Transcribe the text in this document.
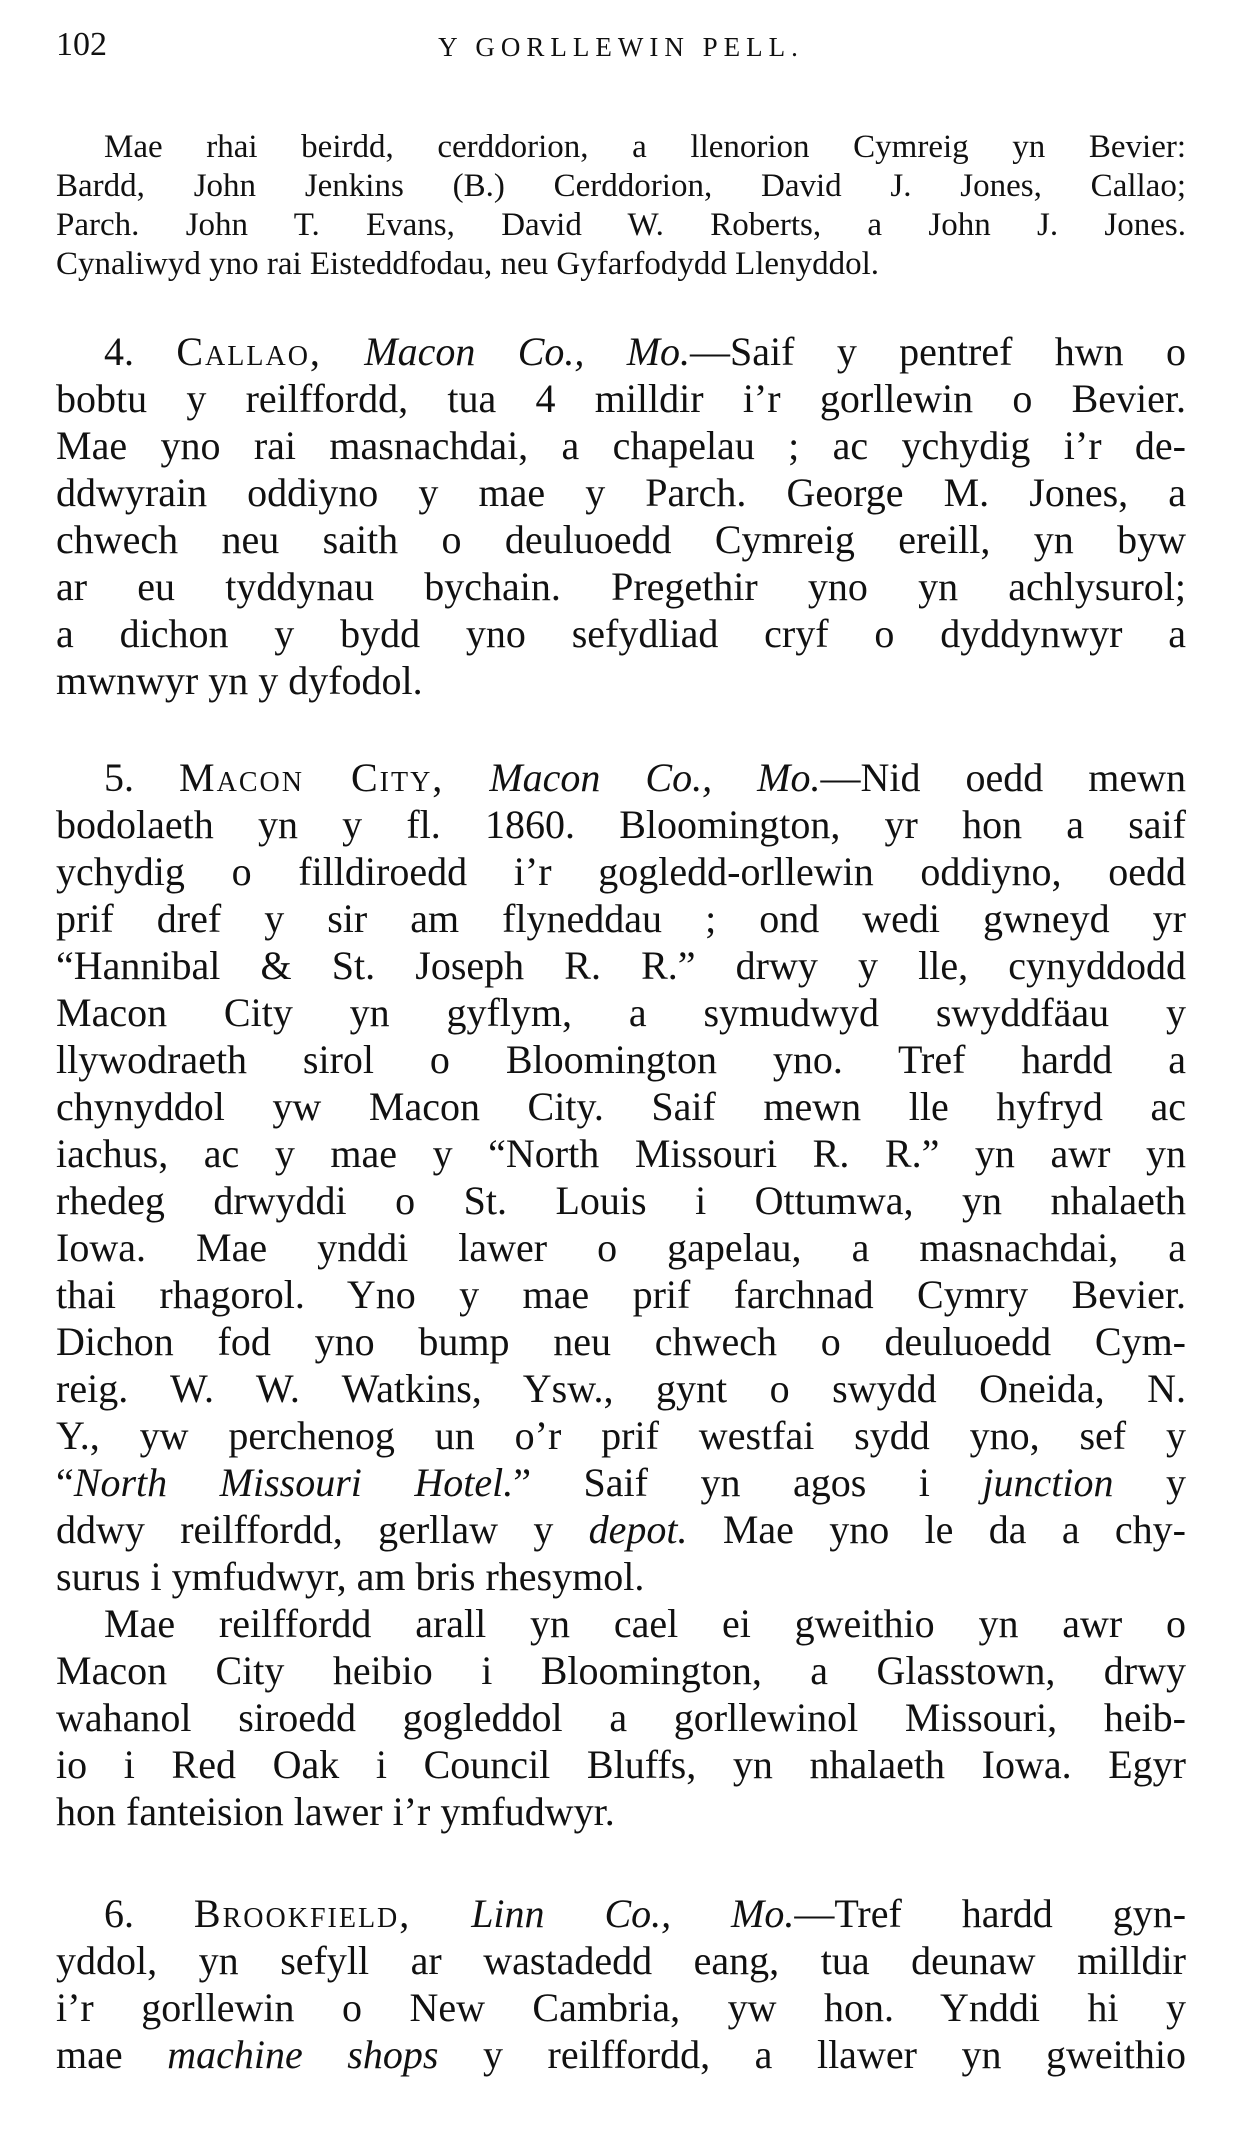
102	Y GORLLEWIN PELL.
Mae rhai beirdd, cerddorion, a llenorion Cymreig yn Bevier:
Bardd, John Jenkins (B.) Cerddorion, David J. Jones, Callao;
Parch. John T. Evans, David W. Roberts, a John J. Jones.
Cynaliwyd yno rai Eisteddfodau, neu Gyfarfodydd Llenyddol.
4. Callao, Macon Co., Mo.—Saif y pentref hwn o
bobtu y reilffordd, tua 4 milldir i’r gorllewin o Bevier.
Mae yno rai masnachdai, a chapelau ; ac ychydig i’r de-
ddwyrain oddiyno y mae y Parch. George M. Jones, a
chwech neu saith o deuluoedd Cymreig ereill, yn byw
ar eu tyddynau bychain. Pregethir yno yn achlysurol;
a dichon y bydd yno sefydliad cryf o dyddynwyr a
mwnwyr yn y dyfodol.
5. Macon City, Macon Co., Mo.—Nid oedd mewn
bodolaeth yn y fl. 1860. Bloomington, yr hon a saif
ychydig o filldiroedd i’r gogledd-orllewin oddiyno, oedd
prif dref y sir am flyneddau ; ond wedi gwneyd yr
“Hannibal & St. Joseph R. R.” drwy y lle, cynyddodd
Macon City yn gyflym, a symudwyd swyddfäau y
llywodraeth sirol o Bloomington yno. Tref hardd a
chynyddol yw Macon City. Saif mewn lle hyfryd ac
iachus, ac y mae y “North Missouri R. R.” yn awr yn
rhedeg drwyddi o St. Louis i Ottumwa, yn nhalaeth
Iowa. Mae ynddi lawer o gapelau, a masnachdai, a
thai rhagorol. Yno y mae prif farchnad Cymry Bevier.
Dichon fod yno bump neu chwech o deuluoedd Cym-
reig. W. W. Watkins, Ysw., gynt o swydd Oneida, N.
Y., yw perchenog un o’r prif westfai sydd yno, sef y
“North Missouri Hotel.” Saif yn agos i junction y
ddwy reilffordd, gerllaw y depot. Mae yno le da a chy-
surus i ymfudwyr, am bris rhesymol.
Mae reilffordd arall yn cael ei gweithio yn awr o
Macon City heibio i Bloomington, a Glasstown, drwy
wahanol siroedd gogleddol a gorllewinol Missouri, heib-
io i Red Oak i Council Bluffs, yn nhalaeth Iowa. Egyr
hon fanteision lawer i’r ymfudwyr.
6. Brookfield, Linn Co., Mo.—Tref hardd gyn-
yddol, yn sefyll ar wastadedd eang, tua deunaw milldir
i’r gorllewin o New Cambria, yw hon. Ynddi hi y
mae machine shops y reilffordd, a llawer yn gweithio
